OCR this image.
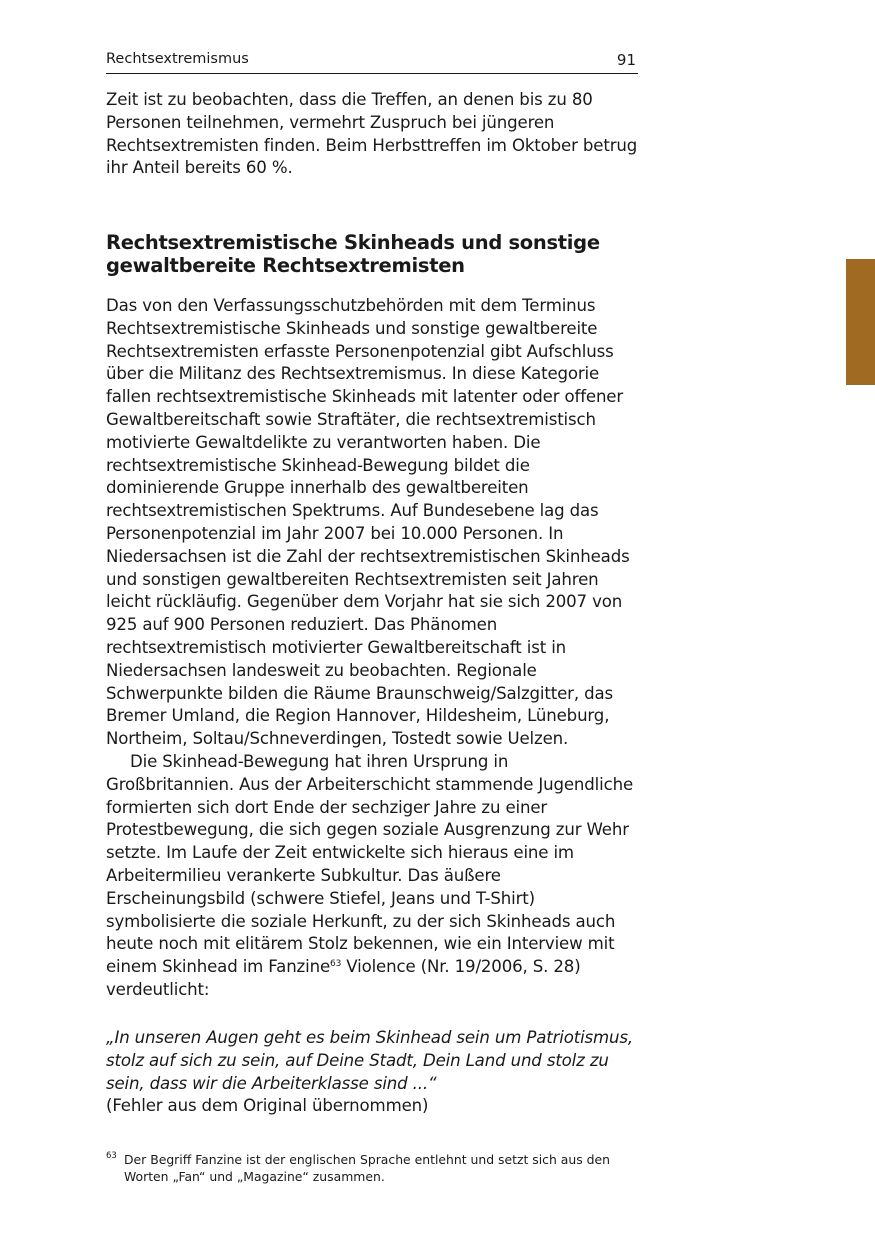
Rechtsextremismus	91

Zeit ist zu beobachten, dass die Treffen, an denen bis zu 80 Personen teilnehmen, vermehrt Zuspruch bei jüngeren Rechtsextremisten finden. Beim Herbsttreffen im Oktober betrug ihr Anteil bereits 60 %.

Rechtsextremistische Skinheads und sonstige gewaltbereite Rechtsextremisten

Das von den Verfassungsschutzbehörden mit dem Terminus Rechtsextremistische Skinheads und sonstige gewaltbereite Rechtsextremisten erfasste Personenpotenzial gibt Aufschluss über die Militanz des Rechtsextremismus. In diese Kategorie fallen rechtsextremistische Skinheads mit latenter oder offener Gewaltbereitschaft sowie Straftäter, die rechtsextremistisch motivierte Gewaltdelikte zu verantworten haben. Die rechtsextremistische Skinhead-Bewegung bildet die dominierende Gruppe innerhalb des gewaltbereiten rechtsextremistischen Spektrums. Auf Bundesebene lag das Personenpotenzial im Jahr 2007 bei 10.000 Personen. In Niedersachsen ist die Zahl der rechtsextremistischen Skinheads und sonstigen gewaltbereiten Rechtsextremisten seit Jahren leicht rückläufig. Gegenüber dem Vorjahr hat sie sich 2007 von 925 auf 900 Personen reduziert. Das Phänomen rechtsextremistisch motivierter Gewaltbereitschaft ist in Niedersachsen landesweit zu beobachten. Regionale Schwerpunkte bilden die Räume Braunschweig/Salzgitter, das Bremer Umland, die Region Hannover, Hildesheim, Lüneburg, Northeim, Soltau/Schneverdingen, Tostedt sowie Uelzen.

Die Skinhead-Bewegung hat ihren Ursprung in Großbritannien. Aus der Arbeiterschicht stammende Jugendliche formierten sich dort Ende der sechziger Jahre zu einer Protestbewegung, die sich gegen soziale Ausgrenzung zur Wehr setzte. Im Laufe der Zeit entwickelte sich hieraus eine im Arbeitermilieu verankerte Subkultur. Das äußere Erscheinungsbild (schwere Stiefel, Jeans und T-Shirt) symbolisierte die soziale Herkunft, zu der sich Skinheads auch heute noch mit elitärem Stolz bekennen, wie ein Interview mit einem Skinhead im Fanzine$^{63}$ Violence (Nr. 19/2006, S. 28) verdeutlicht:

„In unseren Augen geht es beim Skinhead sein um Patriotismus, stolz auf sich zu sein, auf Deine Stadt, Dein Land und stolz zu sein, dass wir die Arbeiterklasse sind ...“

(Fehler aus dem Original übernommen)

63 Der Begriff Fanzine ist der englischen Sprache entlehnt und setzt sich aus den Worten „Fan“ und „Magazine“ zusammen.
